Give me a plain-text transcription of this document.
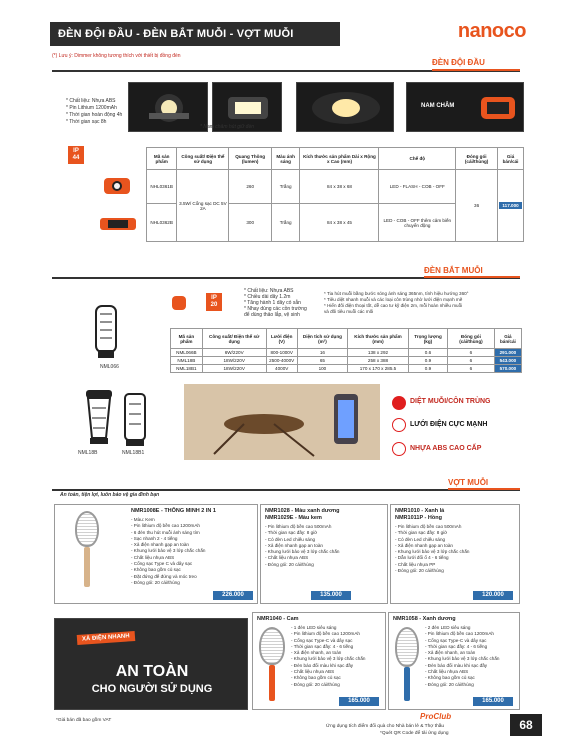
ĐÈN ĐỘI ĐẦU - ĐÈN BẮT MUỖI - VỢT MUỖI	nanoco
(*) Lưu ý: Dimmer không tương thích với thiết bị đồng đèn
ĐÈN ĐỘI ĐẦU
NAM CHÂM
* Chất liệu: Nhựa ABS
* Pin Lithium 1200mAh
* Thời gian hoàn động 4h
* Thời gian sạc 8h
* Nam châm hút giữ đèn
IP
44	Mã sản phẩm	Công suất/ Điện thế sử dụng	Quang Thông (lumen)	Màu ánh sáng	Kích thước sản phẩm Dài x Rộng x Cao (mm)	Chế độ	Đóng gói (cái/thùng)	Giá bán/cái
NHL0361B	3.5W/ Cổng sạc DC 5V 2A	260	Trắng	84 x 38 x 68	LED - FLASH - COB - OFF	36	117.000

NHL0362B		300	Trắng	84 x 38 x 45	LED - COB - OFF thêm cảm biến chuyển động		
ĐÈN BẮT MUỖI
IP
20
* Chất liệu: Nhựa ABS
* Chiều dài dây 1.2m
* Tăng hành 1 dây có sẵn
* Nhay dùng các cồn trường
để dùng thảo lắp, vệ sinh
* Tia hút muỗi bằng bước sóng ánh sáng 365nm, tính hiệu hướng 360°
* Tiêu diệt nhanh muỗi và các loại côn trùng nhờ lưới điện mạnh mẽ
* Hiển đối điện thoại tốt, dễ cao tư kỹ điện 2m, mỗi hoàn nhiều muỗi
và đối tiêu muỗi các mối
NML066
Mã sản phẩm	Công suất/ Điện thế sử dụng	Lưới điện (V)	Diện tích sử dụng (m²)	Kích thước sản phẩm (mm)	Trọng lượng (kg)	Đóng gói (cái/thùng)	Giá bán/cái
NML066B	6W/220V	800-1000V	16	138 x 292	0.6	6	291.000
NML18B	18W/220V	2500-4000V	65	258 x 388	0.9	6	543.000
NML18B1	18W/220V	4000V	100	170 x 170 x 285.5	0.9	6	570.000
NML18B	NML18B1
DIỆT MUỖI/CÔN TRÙNG
LƯỚI ĐIỆN CỰC MẠNH
NHỰA ABS CAO CẤP
VỢT MUỖI
An toàn, tiện lợi, luôn bảo vệ gia đình bạn
NMR1008E - THÔNG MINH 2 IN 1
- Màu: Kem
- Pin lithium độ bền cao 1200mAh
- 6 đèn thu hút muỗi ánh sáng tím
- Sạc nhanh 2 - 4 tiếng
- Xả điện nhanh gạp an toàn
- Khung lưới bảo vệ 3 lớp chắc chắn
- Chất liệu nhựa ABS
- Cổng sạc Type C và dây sạc
- Không bao gồm củ sạc
- Đặt đứng đế đứng và móc treo
- Đóng gói: 20 cái/thùng
226.000
NMR1028 - Màu xanh dương
NMR1029E - Màu kem
- Pin lithium độ bền cao 500mAh
- Thời gian sạc đầy: 8 giờ
- Có đèn Led chiếu sáng
- Xả điện nhanh gạp an toàn
- Khung lưới bảo vệ 3 lớp chắc chắn
- Chất liệu nhựa ABS
- Đóng gói: 20 cái/thùng
135.000
NMR1010 - Xanh lá
NMR1011P - Hồng
- Pin lithium độ bền cao 500mAh
- Thời gian sạc đầy: 8 giờ
- Có đèn Led chiếu sáng
- Xả điện nhanh gạp an toàn
- Khung lưới bảo vệ 3 lớp chắc chắn
- Dẫn lưới đổi ổ 4 - 6 tiếng
- Chất liệu nhựa PP
- Đóng gói: 20 cái/thùng
120.000
XẢ ĐIỆN NHANH
AN TOÀN
CHO NGƯỜI SỬ DỤNG
NMR1040 - Cam
- 1 đèn LED siêu sáng
- Pin lithium độ bền cao 1200mAh
- Cổng sạc Type-C và dây sạc
- Thời gian sạc đầy: 4 - 6 tiếng
- Xả điện nhanh, an toàn
- Khung lưới bảo vệ 3 lớp chắc chắn
- Đèn báo đổi màu khi sạc đầy
- Chất liệu nhựa ABS
- Không bao gồm củ sạc
- Đóng gói: 20 cái/thùng
165.000
NMR1058 - Xanh dương
- 2 đèn LED siêu sáng
- Pin lithium độ bền cao 1200mAh
- Cổng sạc Type-C và dây sạc
- Thời gian sạc đầy: 4 - 6 tiếng
- Xả điện nhanh, an toàn
- Khung lưới bảo vệ 3 lớp chắc chắn
- Đèn báo đổi màu khi sạc đầy
- Chất liệu nhựa ABS
- Không bao gồm củ sạc
- Đóng gói: 20 cái/thùng
165.000
*Giá bán đã bao gồm VAT	ProClub
Ứng dụng tích điểm đổi quà cho Nhà bán lẻ & Thợ thầu
*Quét QR Code để tải ứng dụng
68
